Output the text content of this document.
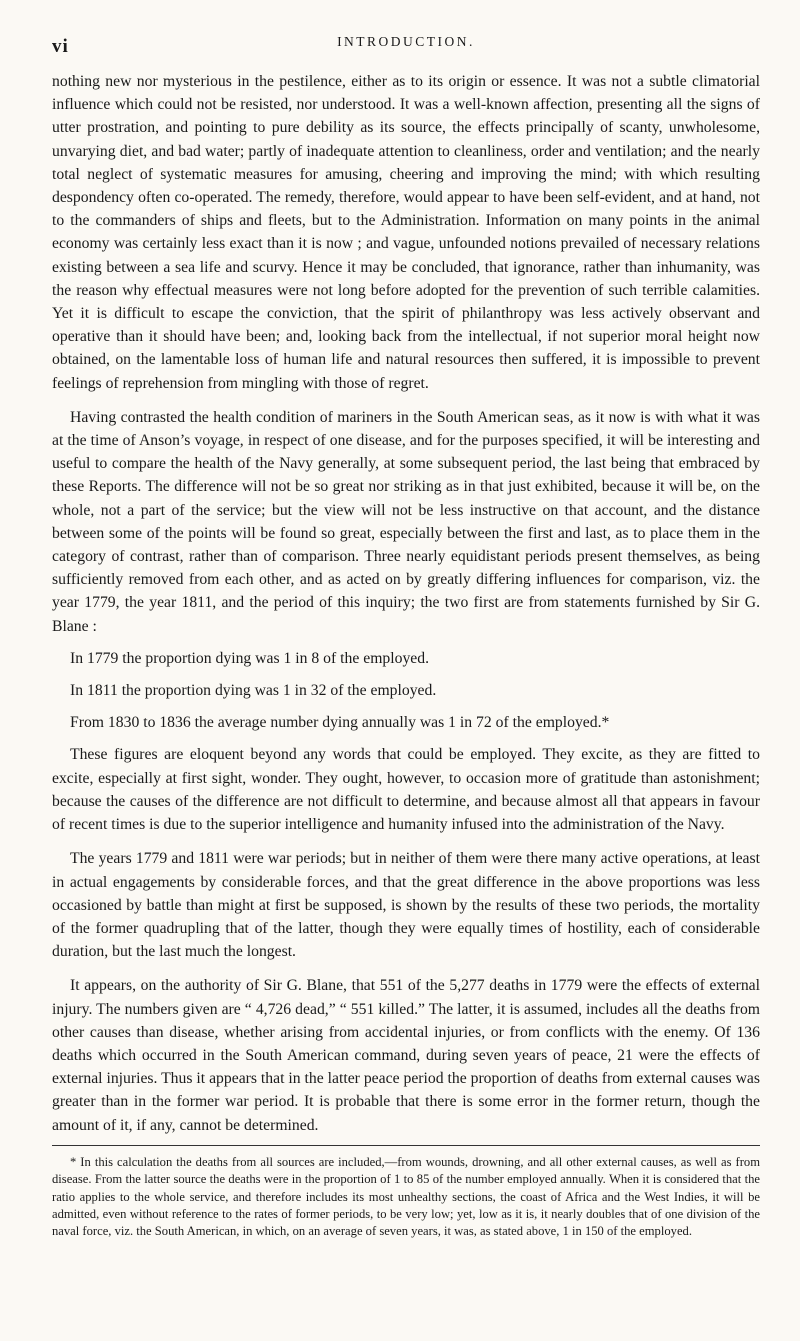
vi	INTRODUCTION.

nothing new nor mysterious in the pestilence, either as to its origin or essence. It was not a subtle climatorial influence which could not be resisted, nor understood. It was a well-known affection, presenting all the signs of utter prostration, and pointing to pure debility as its source, the effects principally of scanty, unwholesome, unvarying diet, and bad water; partly of inadequate attention to cleanliness, order and ventilation; and the nearly total neglect of systematic measures for amusing, cheering and improving the mind; with which resulting despondency often co-operated. The remedy, therefore, would appear to have been self-evident, and at hand, not to the commanders of ships and fleets, but to the Administration. Information on many points in the animal economy was certainly less exact than it is now ; and vague, unfounded notions prevailed of necessary relations existing between a sea life and scurvy. Hence it may be concluded, that ignorance, rather than inhumanity, was the reason why effectual measures were not long before adopted for the prevention of such terrible calamities. Yet it is difficult to escape the conviction, that the spirit of philanthropy was less actively observant and operative than it should have been; and, looking back from the intellectual, if not superior moral height now obtained, on the lamentable loss of human life and natural resources then suffered, it is impossible to prevent feelings of reprehension from mingling with those of regret.

Having contrasted the health condition of mariners in the South American seas, as it now is with what it was at the time of Anson’s voyage, in respect of one disease, and for the purposes specified, it will be interesting and useful to compare the health of the Navy generally, at some subsequent period, the last being that embraced by these Reports. The difference will not be so great nor striking as in that just exhibited, because it will be, on the whole, not a part of the service; but the view will not be less instructive on that account, and the distance between some of the points will be found so great, especially between the first and last, as to place them in the category of contrast, rather than of comparison. Three nearly equidistant periods present themselves, as being sufficiently removed from each other, and as acted on by greatly differing influences for comparison, viz. the year 1779, the year 1811, and the period of this inquiry; the two first are from statements furnished by Sir G. Blane :

In 1779 the proportion dying was 1 in 8 of the employed.

In 1811 the proportion dying was 1 in 32 of the employed.

From 1830 to 1836 the average number dying annually was 1 in 72 of the employed.*

These figures are eloquent beyond any words that could be employed. They excite, as they are fitted to excite, especially at first sight, wonder. They ought, however, to occasion more of gratitude than astonishment; because the causes of the difference are not difficult to determine, and because almost all that appears in favour of recent times is due to the superior intelligence and humanity infused into the administration of the Navy.

The years 1779 and 1811 were war periods; but in neither of them were there many active operations, at least in actual engagements by considerable forces, and that the great difference in the above proportions was less occasioned by battle than might at first be supposed, is shown by the results of these two periods, the mortality of the former quadrupling that of the latter, though they were equally times of hostility, each of considerable duration, but the last much the longest.

It appears, on the authority of Sir G. Blane, that 551 of the 5,277 deaths in 1779 were the effects of external injury. The numbers given are “ 4,726 dead,” “ 551 killed.” The latter, it is assumed, includes all the deaths from other causes than disease, whether arising from accidental injuries, or from conflicts with the enemy. Of 136 deaths which occurred in the South American command, during seven years of peace, 21 were the effects of external injuries. Thus it appears that in the latter peace period the proportion of deaths from external causes was greater than in the former war period. It is probable that there is some error in the former return, though the amount of it, if any, cannot be determined.

* In this calculation the deaths from all sources are included,—from wounds, drowning, and all other external causes, as well as from disease. From the latter source the deaths were in the proportion of 1 to 85 of the number employed annually. When it is considered that the ratio applies to the whole service, and therefore includes its most unhealthy sections, the coast of Africa and the West Indies, it will be admitted, even without reference to the rates of former periods, to be very low; yet, low as it is, it nearly doubles that of one division of the naval force, viz. the South American, in which, on an average of seven years, it was, as stated above, 1 in 150 of the employed.
